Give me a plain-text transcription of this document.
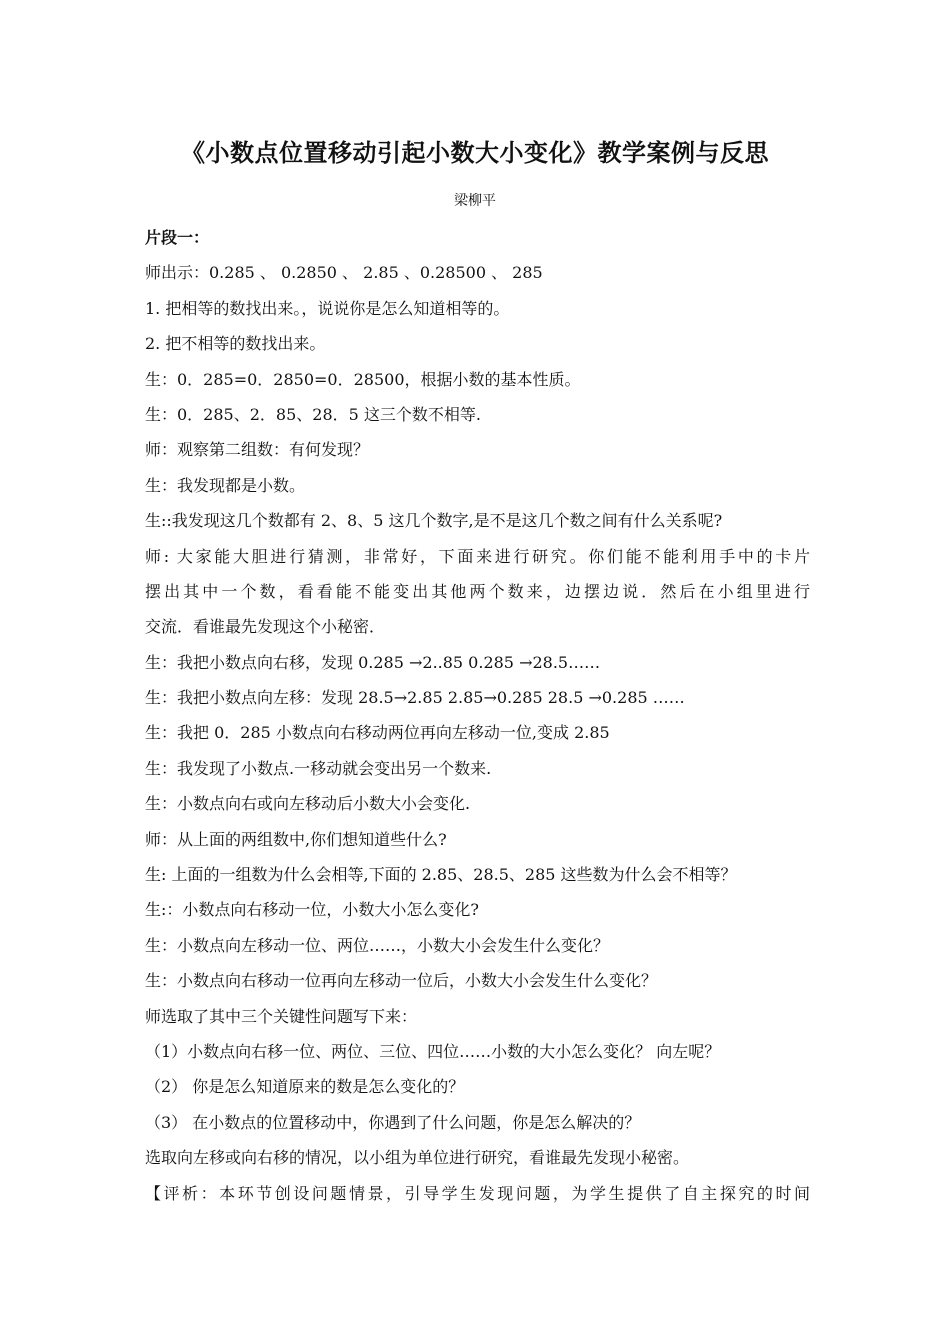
《小数点位置移动引起小数大小变化》教学案例与反思
梁柳平
片段一：
师出示：0.285 、 0.2850 、 2.85 、0.28500 、 285
1. 把相等的数找出来。，说说你是怎么知道相等的。
2. 把不相等的数找出来。
生：0．285=0．2850=0．28500，根据小数的基本性质。
生：0．285、2．85、28．5 这三个数不相等.
师：观察第二组数：有何发现？
生：我发现都是小数。
生::我发现这几个数都有 2、8、5 这几个数字,是不是这几个数之间有什么关系呢?
师: 大家能大胆进行猜测，非常好，下面来进行研究。你们能不能利用手中的卡片
摆出其中一个数，看看能不能变出其他两个数来，边摆边说．然后在小组里进行
交流．看谁最先发现这个小秘密．
生：我把小数点向右移，发现 0.285 →2..85 0.285 →28.5……
生：我把小数点向左移：发现 28.5→2.85 2.85→0.285 28.5 →0.285 ……
生：我把 0．285 小数点向右移动两位再向左移动一位,变成 2.85
生：我发现了小数点.一移动就会变出另一个数来.
生：小数点向右或向左移动后小数大小会变化.
师：从上面的两组数中,你们想知道些什么?
生: 上面的一组数为什么会相等,下面的 2.85、28.5、285 这些数为什么会不相等？
生:：小数点向右移动一位，小数大小怎么变化?
生：小数点向左移动一位、两位……，小数大小会发生什么变化？
生：小数点向右移动一位再向左移动一位后，小数大小会发生什么变化？
师选取了其中三个关键性问题写下来：
（1）小数点向右移一位、两位、三位、四位……小数的大小怎么变化？ 向左呢？
（2） 你是怎么知道原来的数是怎么变化的？
（3） 在小数点的位置移动中，你遇到了什么问题，你是怎么解决的？
选取向左移或向右移的情况，以小组为单位进行研究，看谁最先发现小秘密。
【评析：本环节创设问题情景，引导学生发现问题，为学生提供了自主探究的时间
